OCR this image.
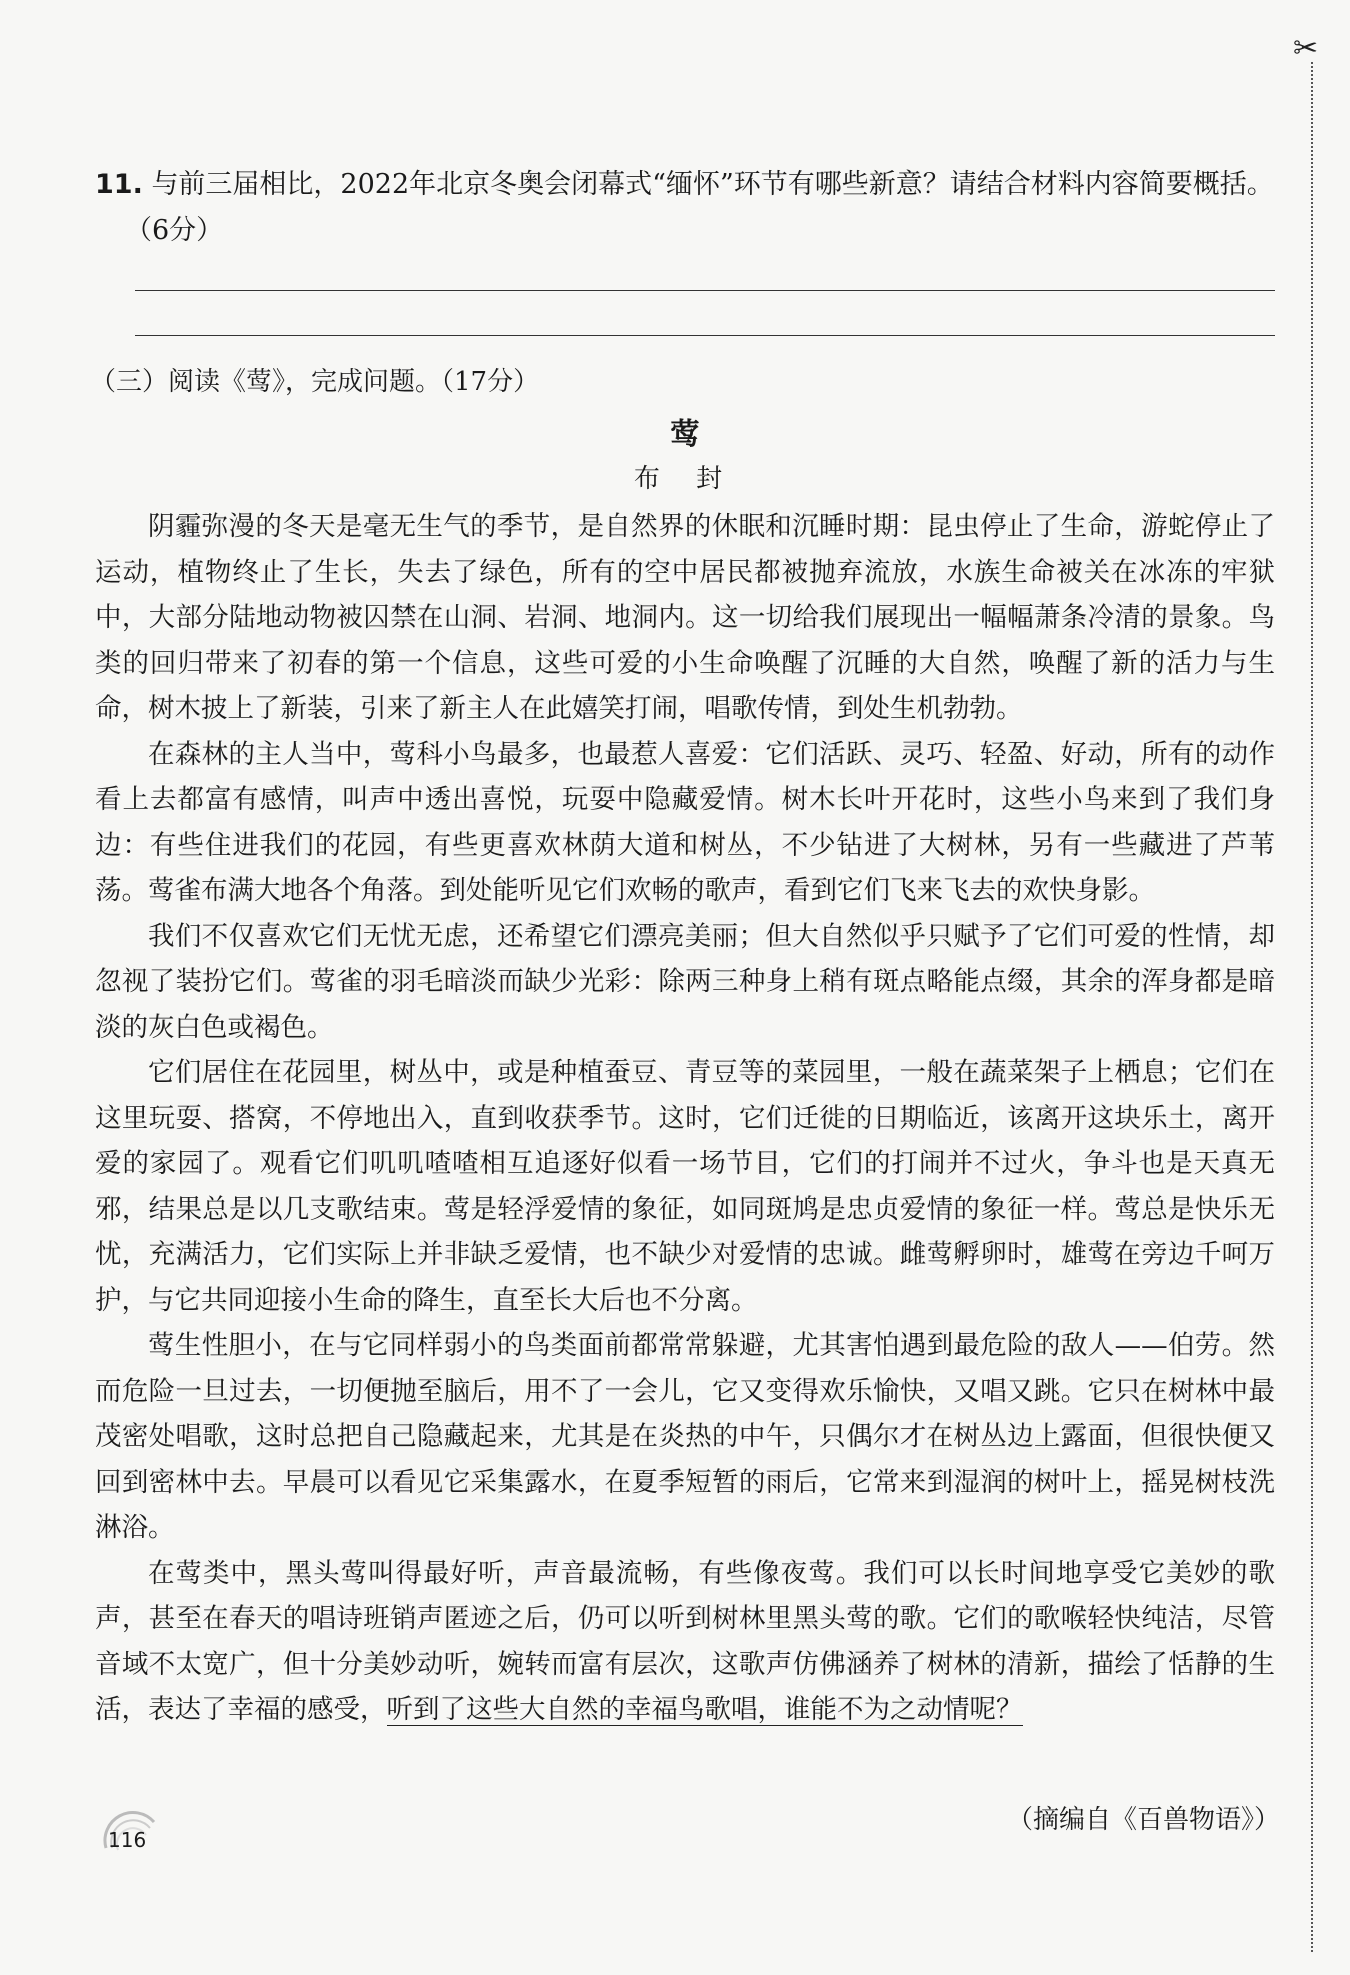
✂
11. 与前三届相比，2022年北京冬奥会闭幕式“缅怀”环节有哪些新意？请结合材料内容简要概括。
（6分）
（三）阅读《莺》，完成问题。（17分）
莺
布 封

阴霾弥漫的冬天是毫无生气的季节，是自然界的休眠和沉睡时期：昆虫停止了生命，游蛇停止了运动，植物终止了生长，失去了绿色，所有的空中居民都被抛弃流放，水族生命被关在冰冻的牢狱中，大部分陆地动物被囚禁在山洞、岩洞、地洞内。这一切给我们展现出一幅幅萧条冷清的景象。鸟类的回归带来了初春的第一个信息，这些可爱的小生命唤醒了沉睡的大自然，唤醒了新的活力与生命，树木披上了新装，引来了新主人在此嬉笑打闹，唱歌传情，到处生机勃勃。

在森林的主人当中，莺科小鸟最多，也最惹人喜爱：它们活跃、灵巧、轻盈、好动，所有的动作看上去都富有感情，叫声中透出喜悦，玩耍中隐藏爱情。树木长叶开花时，这些小鸟来到了我们身边：有些住进我们的花园，有些更喜欢林荫大道和树丛，不少钻进了大树林，另有一些藏进了芦苇荡。莺雀布满大地各个角落。到处能听见它们欢畅的歌声，看到它们飞来飞去的欢快身影。

我们不仅喜欢它们无忧无虑，还希望它们漂亮美丽；但大自然似乎只赋予了它们可爱的性情，却忽视了装扮它们。莺雀的羽毛暗淡而缺少光彩：除两三种身上稍有斑点略能点缀，其余的浑身都是暗淡的灰白色或褐色。

它们居住在花园里，树丛中，或是种植蚕豆、青豆等的菜园里，一般在蔬菜架子上栖息；它们在这里玩耍、搭窝，不停地出入，直到收获季节。这时，它们迁徙的日期临近，该离开这块乐土，离开爱的家园了。观看它们叽叽喳喳相互追逐好似看一场节目，它们的打闹并不过火，争斗也是天真无邪，结果总是以几支歌结束。莺是轻浮爱情的象征，如同斑鸠是忠贞爱情的象征一样。莺总是快乐无忧，充满活力，它们实际上并非缺乏爱情，也不缺少对爱情的忠诚。雌莺孵卵时，雄莺在旁边千呵万护，与它共同迎接小生命的降生，直至长大后也不分离。

莺生性胆小，在与它同样弱小的鸟类面前都常常躲避，尤其害怕遇到最危险的敌人——伯劳。然而危险一旦过去，一切便抛至脑后，用不了一会儿，它又变得欢乐愉快，又唱又跳。它只在树林中最茂密处唱歌，这时总把自己隐藏起来，尤其是在炎热的中午，只偶尔才在树丛边上露面，但很快便又回到密林中去。早晨可以看见它采集露水，在夏季短暂的雨后，它常来到湿润的树叶上，摇晃树枝洗淋浴。

在莺类中，黑头莺叫得最好听，声音最流畅，有些像夜莺。我们可以长时间地享受它美妙的歌声，甚至在春天的唱诗班销声匿迹之后，仍可以听到树林里黑头莺的歌。它们的歌喉轻快纯洁，尽管音域不太宽广，但十分美妙动听，婉转而富有层次，这歌声仿佛涵养了树林的清新，描绘了恬静的生活，表达了幸福的感受，听到了这些大自然的幸福鸟歌唱，谁能不为之动情呢？

（摘编自《百兽物语》）
116
